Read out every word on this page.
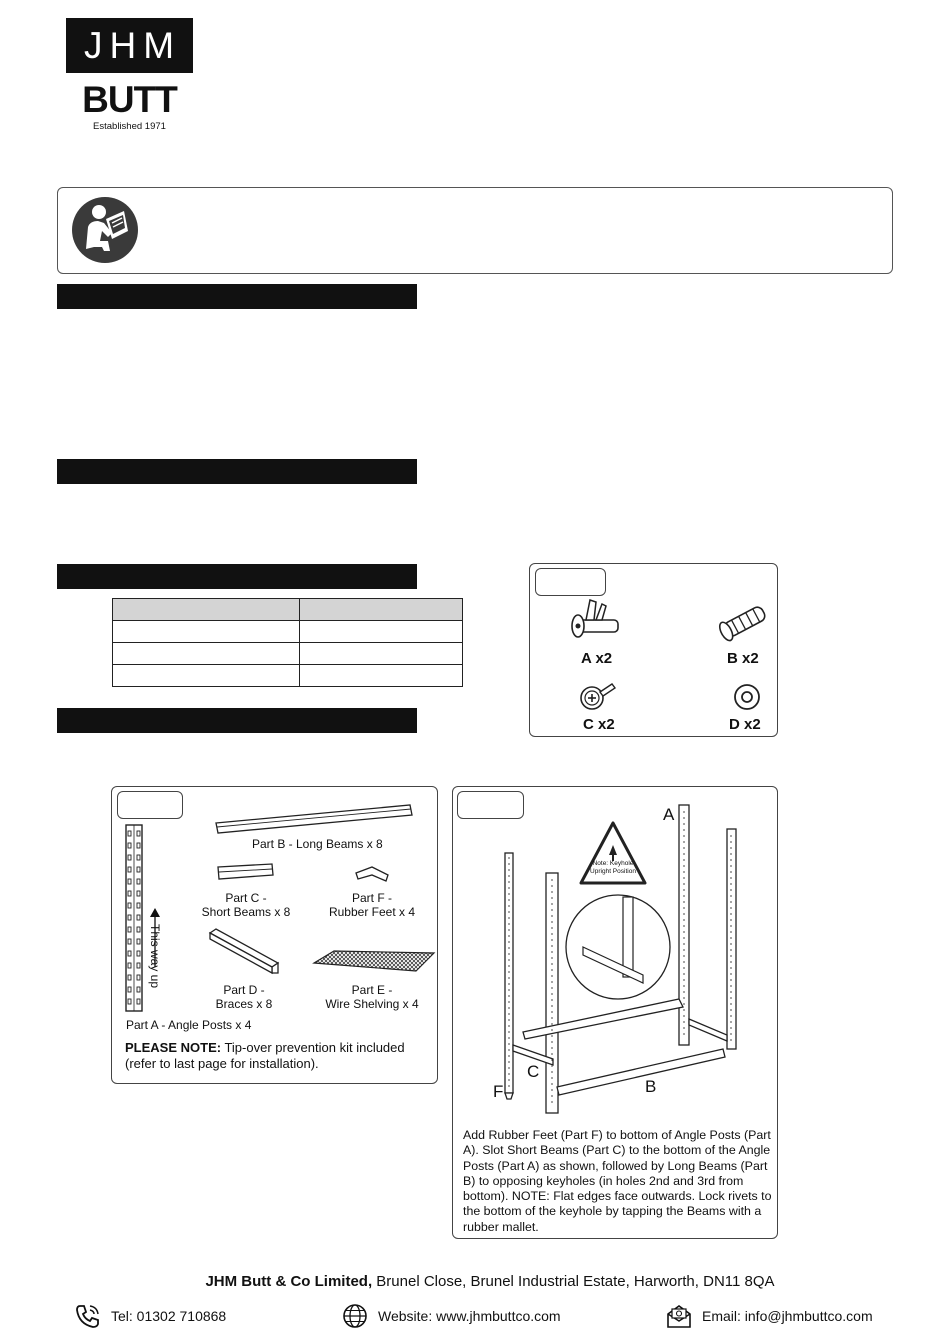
JHM
BUTT
Established 1971

A x2	B x2
C x2	D x2
This way up
Part B - Long Beams x 8
Part C -
Short Beams x 8
Part F -
Rubber Feet x 4
Part D -
Braces x 8
Part E -
Wire Shelving x 4
Part A - Angle Posts x 4
PLEASE NOTE: Tip-over prevention kit included (refer to last page for installation).
Note: Keyhole
Upright Position
A
B
C
F
Add Rubber Feet (Part F) to bottom of Angle Posts (Part A). Slot Short Beams (Part C) to the bottom of the Angle Posts (Part A) as shown, followed by Long Beams (Part B) to opposing keyholes (in holes 2nd and 3rd from bottom). NOTE: Flat edges face outwards. Lock rivets to the bottom of the keyhole by tapping the Beams with a rubber mallet.
JHM Butt & Co Limited, Brunel Close, Brunel Industrial Estate, Harworth, DN11 8QA
Tel: 01302 710868	Website: www.jhmbuttco.com	Email: info@jhmbuttco.com
